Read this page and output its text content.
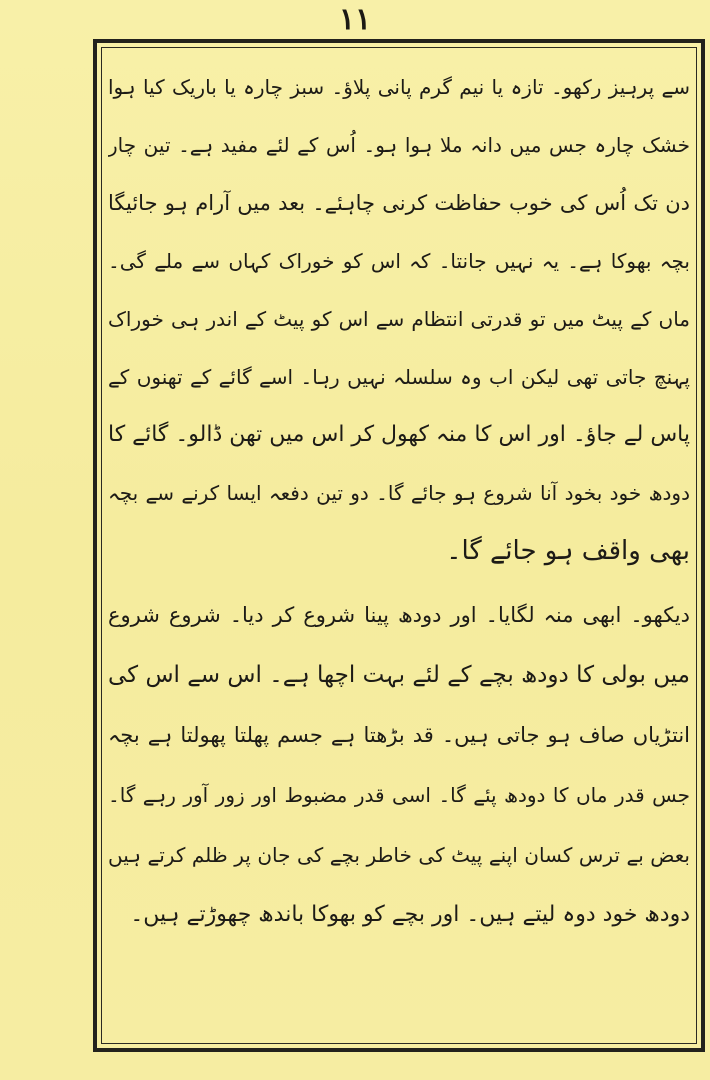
۱۱
سے پرہیز رکھو۔ تازہ یا نیم گرم پانی پلاؤ۔ سبز چارہ یا باریک کیا ہوا
خشک چارہ جس میں دانہ ملا ہوا ہو۔ اُس کے لئے مفید ہے۔ تین چار
دن تک اُس کی خوب حفاظت کرنی چاہئے۔ بعد میں آرام ہو جائیگا
بچہ بھوکا ہے۔ یہ نہیں جانتا۔ کہ اس کو خوراک کہاں سے ملے گی۔
ماں کے پیٹ میں تو قدرتی انتظام سے اس کو پیٹ کے اندر ہی خوراک
پہنچ جاتی تھی لیکن اب وہ سلسلہ نہیں رہا۔ اسے گائے کے تھنوں کے
پاس لے جاؤ۔ اور اس کا منہ کھول کر اس میں تھن ڈالو۔ گائے کا
دودھ خود بخود آنا شروع ہو جائے گا۔ دو تین دفعہ ایسا کرنے سے بچہ
بھی واقف ہو جائے گا۔
دیکھو۔ ابھی منہ لگایا۔ اور دودھ پینا شروع کر دیا۔ شروع شروع
میں بولی کا دودھ بچے کے لئے بہت اچھا ہے۔ اس سے اس کی
انتڑیاں صاف ہو جاتی ہیں۔ قد بڑھتا ہے جسم پھلتا پھولتا ہے بچہ
جس قدر ماں کا دودھ پئے گا۔ اسی قدر مضبوط اور زور آور رہے گا۔
بعض بے ترس کسان اپنے پیٹ کی خاطر بچے کی جان پر ظلم کرتے ہیں
دودھ خود دوہ لیتے ہیں۔ اور بچے کو بھوکا باندھ چھوڑتے ہیں۔
